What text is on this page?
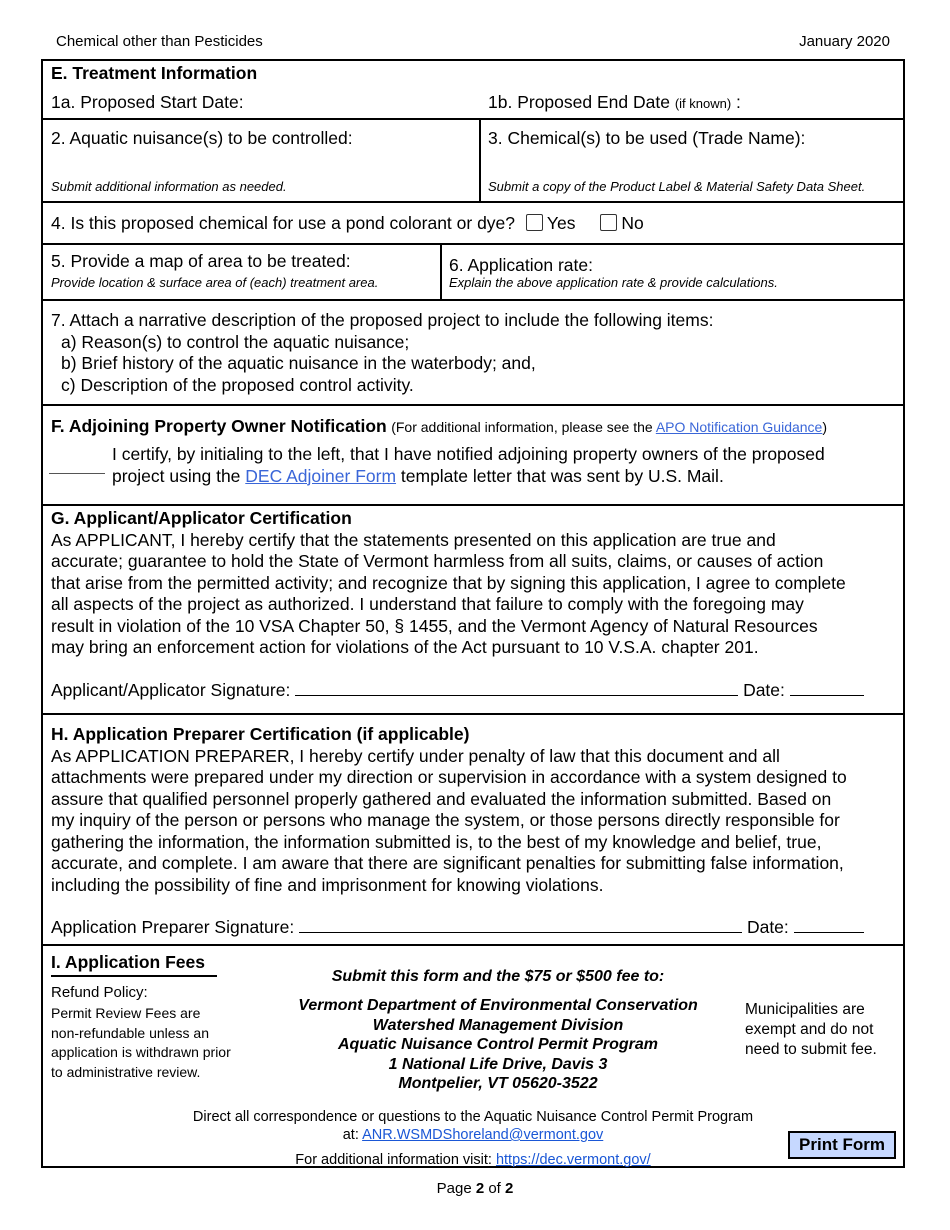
Chemical other than Pesticides	January 2020
E. Treatment Information
1a. Proposed Start Date:	1b. Proposed End Date (if known) :
2. Aquatic nuisance(s) to be controlled:
Submit additional information as needed.
3. Chemical(s) to be used (Trade Name):
Submit a copy of the Product Label & Material Safety Data Sheet.
4. Is this proposed chemical for use a pond colorant or dye? Yes	No
5. Provide a map of area to be treated:
Provide location & surface area of (each) treatment area.
6. Application rate:
Explain the above application rate & provide calculations.
7. Attach a narrative description of the proposed project to include the following items:
a) Reason(s) to control the aquatic nuisance;
b) Brief history of the aquatic nuisance in the waterbody; and,
c) Description of the proposed control activity.
F. Adjoining Property Owner Notification (For additional information, please see the APO Notification Guidance)
I certify, by initialing to the left, that I have notified adjoining property owners of the proposed
project using the DEC Adjoiner Form template letter that was sent by U.S. Mail.
G. Applicant/Applicator Certification
As APPLICANT, I hereby certify that the statements presented on this application are true and
accurate; guarantee to hold the State of Vermont harmless from all suits, claims, or causes of action
that arise from the permitted activity; and recognize that by signing this application, I agree to complete
all aspects of the project as authorized. I understand that failure to comply with the foregoing may
result in violation of the 10 VSA Chapter 50, § 1455, and the Vermont Agency of Natural Resources
may bring an enforcement action for violations of the Act pursuant to 10 V.S.A. chapter 201.
Applicant/Applicator Signature:	Date:
H. Application Preparer Certification (if applicable)
As APPLICATION PREPARER, I hereby certify under penalty of law that this document and all
attachments were prepared under my direction or supervision in accordance with a system designed to
assure that qualified personnel properly gathered and evaluated the information submitted. Based on
my inquiry of the person or persons who manage the system, or those persons directly responsible for
gathering the information, the information submitted is, to the best of my knowledge and belief, true,
accurate, and complete. I am aware that there are significant penalties for submitting false information,
including the possibility of fine and imprisonment for knowing violations.
Application Preparer Signature:	Date:
I. Application Fees
Refund Policy:
Permit Review Fees are
non-refundable unless an
application is withdrawn prior
to administrative review.
Submit this form and the $75 or $500 fee to:
Vermont Department of Environmental Conservation
Watershed Management Division
Aquatic Nuisance Control Permit Program
1 National Life Drive, Davis 3
Montpelier, VT 05620-3522
Municipalities are
exempt and do not
need to submit fee.
Direct all correspondence or questions to the Aquatic Nuisance Control Permit Program
at: ANR.WSMDShoreland@vermont.gov
For additional information visit: https://dec.vermont.gov/
Print Form
Page 2 of 2
